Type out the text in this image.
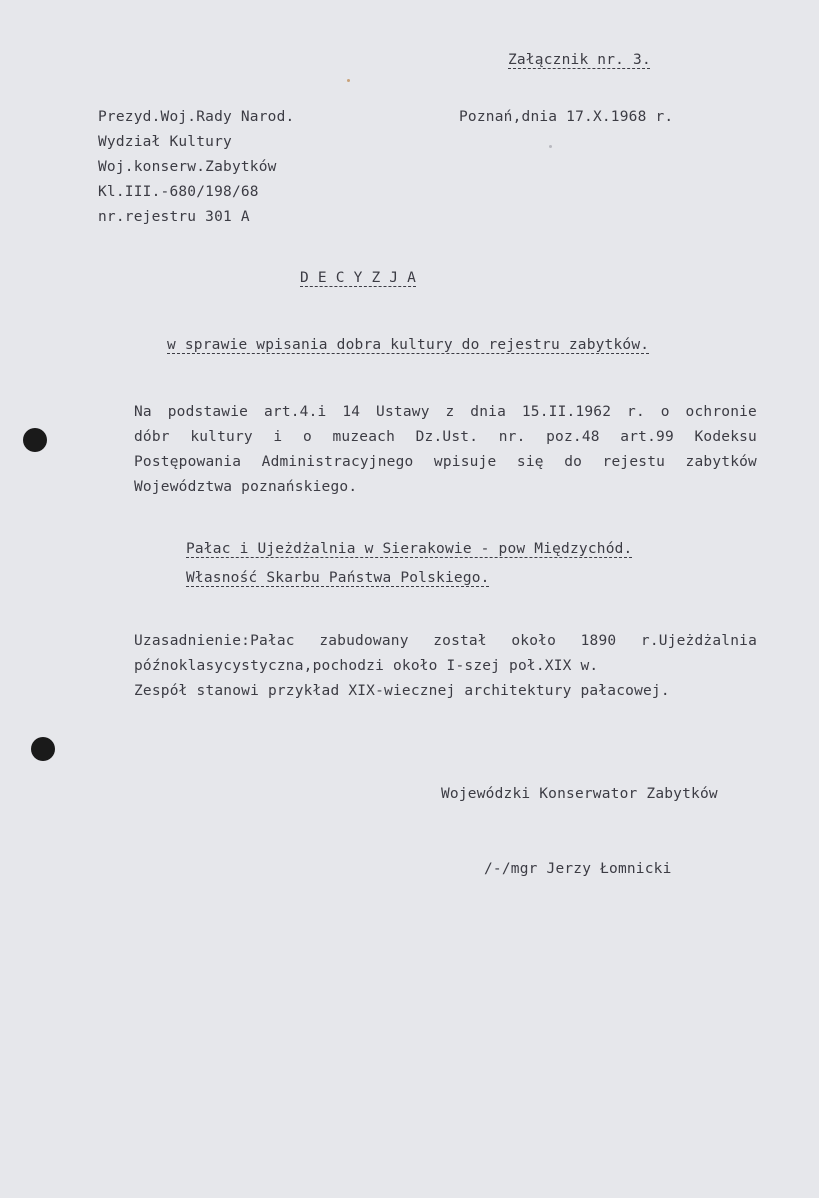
Załącznik nr. 3.
Prezyd.Woj.Rady Narod.
Wydział Kultury
Woj.konserw.Zabytków
Kl.III.-680/198/68
nr.rejestru 301 A
Poznań,dnia 17.X.1968 r.
D E C Y Z J A
w sprawie wpisania dobra kultury do rejestru zabytków.
Na podstawie art.4.i 14 Ustawy z dnia 15.II.1962 r. o ochronie
dóbr kultury i o muzeach Dz.Ust. nr. poz.48 art.99 Kodeksu
Postępowania Administracyjnego wpisuje się do rejestu zabytków
Województwa poznańskiego.
Pałac i Ujeżdżalnia w Sierakowie - pow Międzychód.
Własność Skarbu Państwa Polskiego.
Uzasadnienie:Pałac zabudowany został około 1890 r.Ujeżdżalnia
późnoklasycystyczna,pochodzi około I-szej poł.XIX w.
Zespół stanowi przykład XIX-wiecznej architektury pałacowej.
Wojewódzki Konserwator Zabytków
/-/mgr Jerzy Łomnicki
